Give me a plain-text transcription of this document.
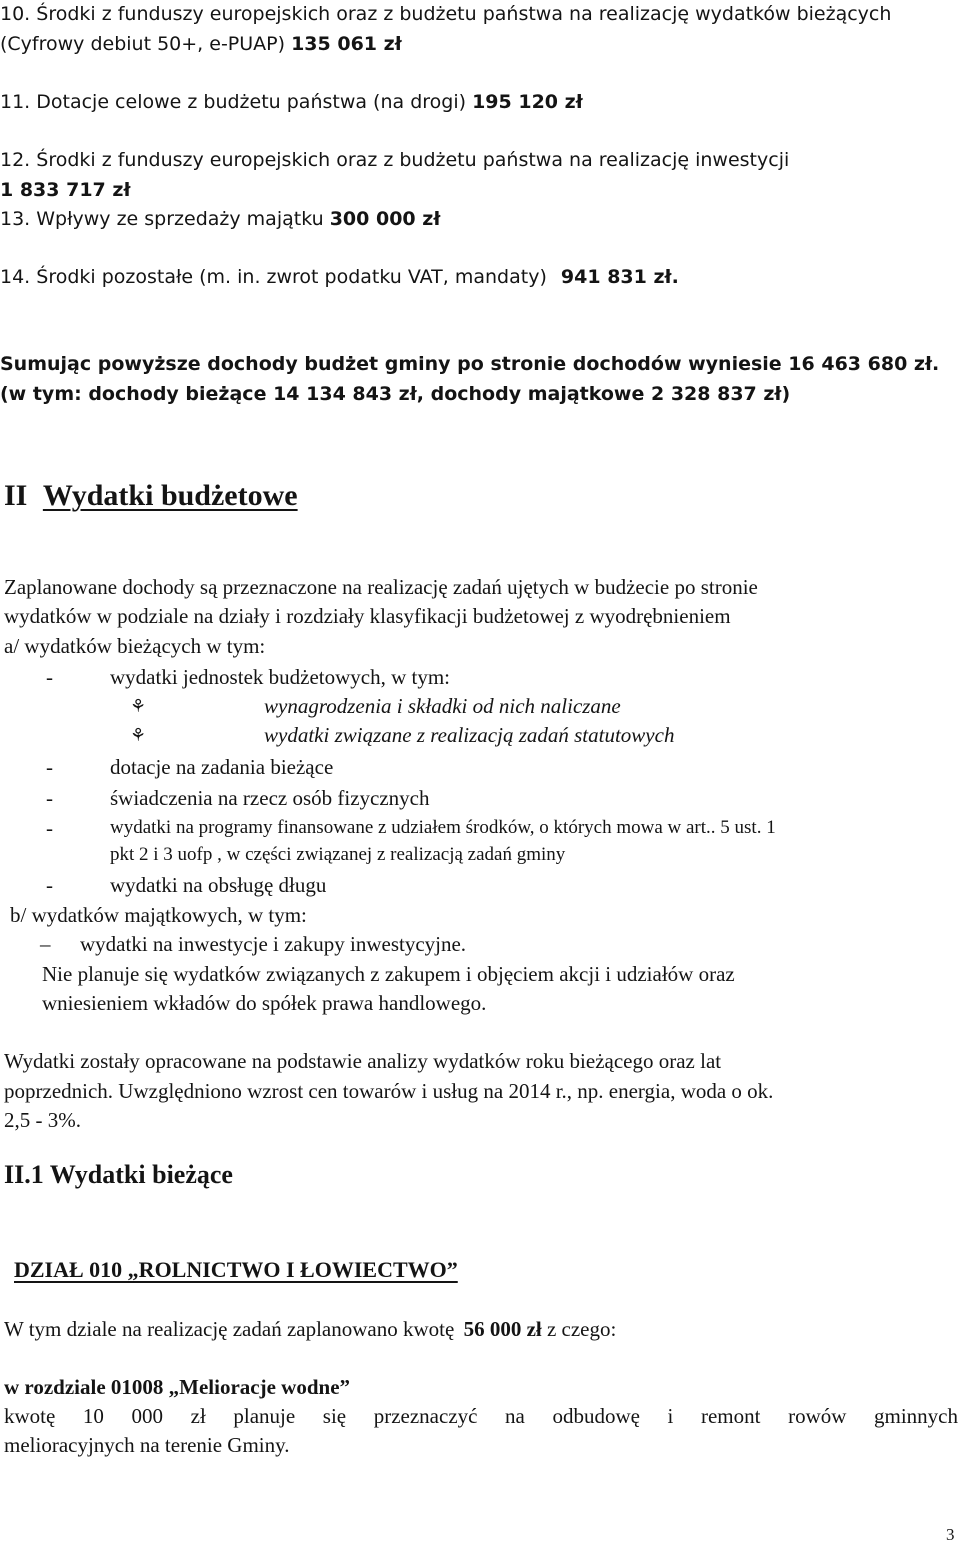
10. Środki z funduszy europejskich oraz z budżetu państwa na realizację wydatków bieżących
(Cyfrowy debiut 50+, e-PUAP) 135 061 zł
11. Dotacje celowe z budżetu państwa (na drogi) 195 120 zł
12. Środki z funduszy europejskich oraz z budżetu państwa na realizację inwestycji
1 833 717 zł
13. Wpływy ze sprzedaży majątku 300 000 zł
14. Środki pozostałe (m. in. zwrot podatku VAT, mandaty) 941 831 zł.
Sumując powyższe dochody budżet gminy po stronie dochodów wyniesie 16 463 680 zł.
(w tym: dochody bieżące 14 134 843 zł, dochody majątkowe 2 328 837 zł)
II Wydatki budżetowe
Zaplanowane dochody są przeznaczone na realizację zadań ujętych w budżecie po stronie
wydatków w podziale na działy i rozdziały klasyfikacji budżetowej z wyodrębnieniem
a/ wydatków bieżących w tym:
-	wydatki jednostek budżetowych, w tym:
⚘	wynagrodzenia i składki od nich naliczane
⚘	wydatki związane z realizacją zadań statutowych
-	dotacje na zadania bieżące
-	świadczenia na rzecz osób fizycznych
-	wydatki na programy finansowane z udziałem środków, o których mowa w art.. 5 ust. 1
pkt 2 i 3 uofp , w części związanej z realizacją zadań gminy
-	wydatki na obsługę długu
b/ wydatków majątkowych, w tym:
– wydatki na inwestycje i zakupy inwestycyjne.
Nie planuje się wydatków związanych z zakupem i objęciem akcji i udziałów oraz
wniesieniem wkładów do spółek prawa handlowego.
Wydatki zostały opracowane na podstawie analizy wydatków roku bieżącego oraz lat
poprzednich. Uwzględniono wzrost cen towarów i usług na 2014 r., np. energia, woda o ok.
2,5 - 3%.
II.1 Wydatki bieżące
DZIAŁ 010 „ROLNICTWO I ŁOWIECTWO”
W tym dziale na realizację zadań zaplanowano kwotę 56 000 zł z czego:
w rozdziale 01008 „Melioracje wodne”
kwotę 10 000 zł planuje się przeznaczyć na odbudowę i remont rowów gminnych
melioracyjnych na terenie Gminy.
3
